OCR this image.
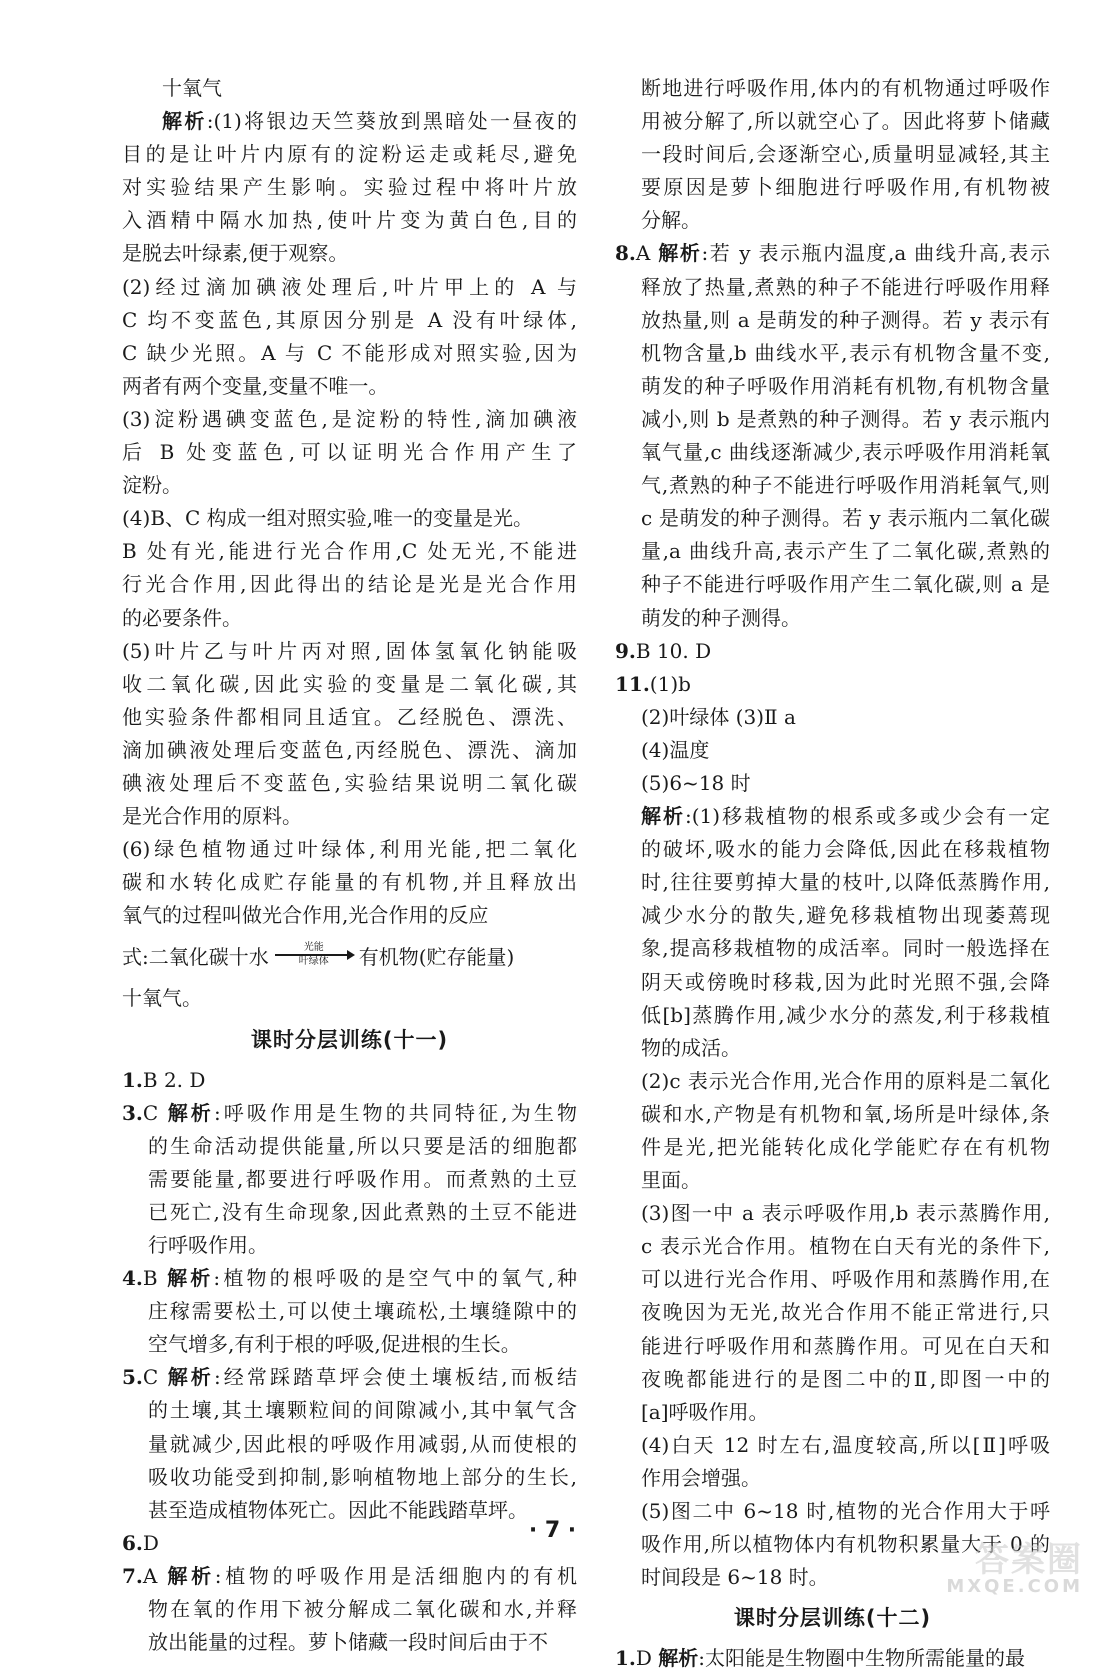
十氧气
解析:(1)将银边天竺葵放到黑暗处一昼夜的
目的是让叶片内原有的淀粉运走或耗尽,避免
对实验结果产生影响。实验过程中将叶片放
入酒精中隔水加热,使叶片变为黄白色,目的
是脱去叶绿素,便于观察。
(2)经过滴加碘液处理后,叶片甲上的 A 与
C 均不变蓝色,其原因分别是 A 没有叶绿体,
C 缺少光照。A 与 C 不能形成对照实验,因为
两者有两个变量,变量不唯一。
(3)淀粉遇碘变蓝色,是淀粉的特性,滴加碘液
后 B 处变蓝色,可以证明光合作用产生了
淀粉。
(4)B、C 构成一组对照实验,唯一的变量是光。
B 处有光,能进行光合作用,C 处无光,不能进
行光合作用,因此得出的结论是光是光合作用
的必要条件。
(5)叶片乙与叶片丙对照,固体氢氧化钠能吸
收二氧化碳,因此实验的变量是二氧化碳,其
他实验条件都相同且适宜。乙经脱色、漂洗、
滴加碘液处理后变蓝色,丙经脱色、漂洗、滴加
碘液处理后不变蓝色,实验结果说明二氧化碳
是光合作用的原料。
(6)绿色植物通过叶绿体,利用光能,把二氧化
碳和水转化成贮存能量的有机物,并且释放出
氧气的过程叫做光合作用,光合作用的反应
式:二氧化碳十水	光能
叶绿体 有机物(贮存能量)
十氧气。
课时分层训练(十一)
1.B 2. D
3.C 解析:呼吸作用是生物的共同特征,为生物
的生命活动提供能量,所以只要是活的细胞都
需要能量,都要进行呼吸作用。而煮熟的土豆
已死亡,没有生命现象,因此煮熟的土豆不能进
行呼吸作用。
4.B 解析:植物的根呼吸的是空气中的氧气,种
庄稼需要松土,可以使土壤疏松,土壤缝隙中的
空气增多,有利于根的呼吸,促进根的生长。
5.C 解析:经常踩踏草坪会使土壤板结,而板结
的土壤,其土壤颗粒间的间隙减小,其中氧气含
量就减少,因此根的呼吸作用减弱,从而使根的
吸收功能受到抑制,影响植物地上部分的生长,
甚至造成植物体死亡。因此不能践踏草坪。
6.D
7.A 解析:植物的呼吸作用是活细胞内的有机
物在氧的作用下被分解成二氧化碳和水,并释
放出能量的过程。萝卜储藏一段时间后由于不
断地进行呼吸作用,体内的有机物通过呼吸作
用被分解了,所以就空心了。因此将萝卜储藏
一段时间后,会逐渐空心,质量明显减轻,其主
要原因是萝卜细胞进行呼吸作用,有机物被
分解。
8.A 解析:若 y 表示瓶内温度,a 曲线升高,表示
释放了热量,煮熟的种子不能进行呼吸作用释
放热量,则 a 是萌发的种子测得。若 y 表示有
机物含量,b 曲线水平,表示有机物含量不变,
萌发的种子呼吸作用消耗有机物,有机物含量
减小,则 b 是煮熟的种子测得。若 y 表示瓶内
氧气量,c 曲线逐渐减少,表示呼吸作用消耗氧
气,煮熟的种子不能进行呼吸作用消耗氧气,则
c 是萌发的种子测得。若 y 表示瓶内二氧化碳
量,a 曲线升高,表示产生了二氧化碳,煮熟的
种子不能进行呼吸作用产生二氧化碳,则 a 是
萌发的种子测得。
9.B 10. D
11.(1)b
(2)叶绿体 (3)Ⅱ a
(4)温度
(5)6~18 时
解析:(1)移栽植物的根系或多或少会有一定
的破坏,吸水的能力会降低,因此在移栽植物
时,往往要剪掉大量的枝叶,以降低蒸腾作用,
减少水分的散失,避免移栽植物出现萎蔫现
象,提高移栽植物的成活率。同时一般选择在
阴天或傍晚时移栽,因为此时光照不强,会降
低[b]蒸腾作用,减少水分的蒸发,利于移栽植
物的成活。
(2)c 表示光合作用,光合作用的原料是二氧化
碳和水,产物是有机物和氧,场所是叶绿体,条
件是光,把光能转化成化学能贮存在有机物
里面。
(3)图一中 a 表示呼吸作用,b 表示蒸腾作用,
c 表示光合作用。植物在白天有光的条件下,
可以进行光合作用、呼吸作用和蒸腾作用,在
夜晚因为无光,故光合作用不能正常进行,只
能进行呼吸作用和蒸腾作用。可见在白天和
夜晚都能进行的是图二中的Ⅱ,即图一中的
[a]呼吸作用。
(4)白天 12 时左右,温度较高,所以[Ⅱ]呼吸
作用会增强。
(5)图二中 6~18 时,植物的光合作用大于呼
吸作用,所以植物体内有机物积累量大于 0 的
时间段是 6~18 时。
课时分层训练(十二)
1.D 解析:太阳能是生物圈中生物所需能量的最
· 7 ·
答案圈
MXQE.COM
